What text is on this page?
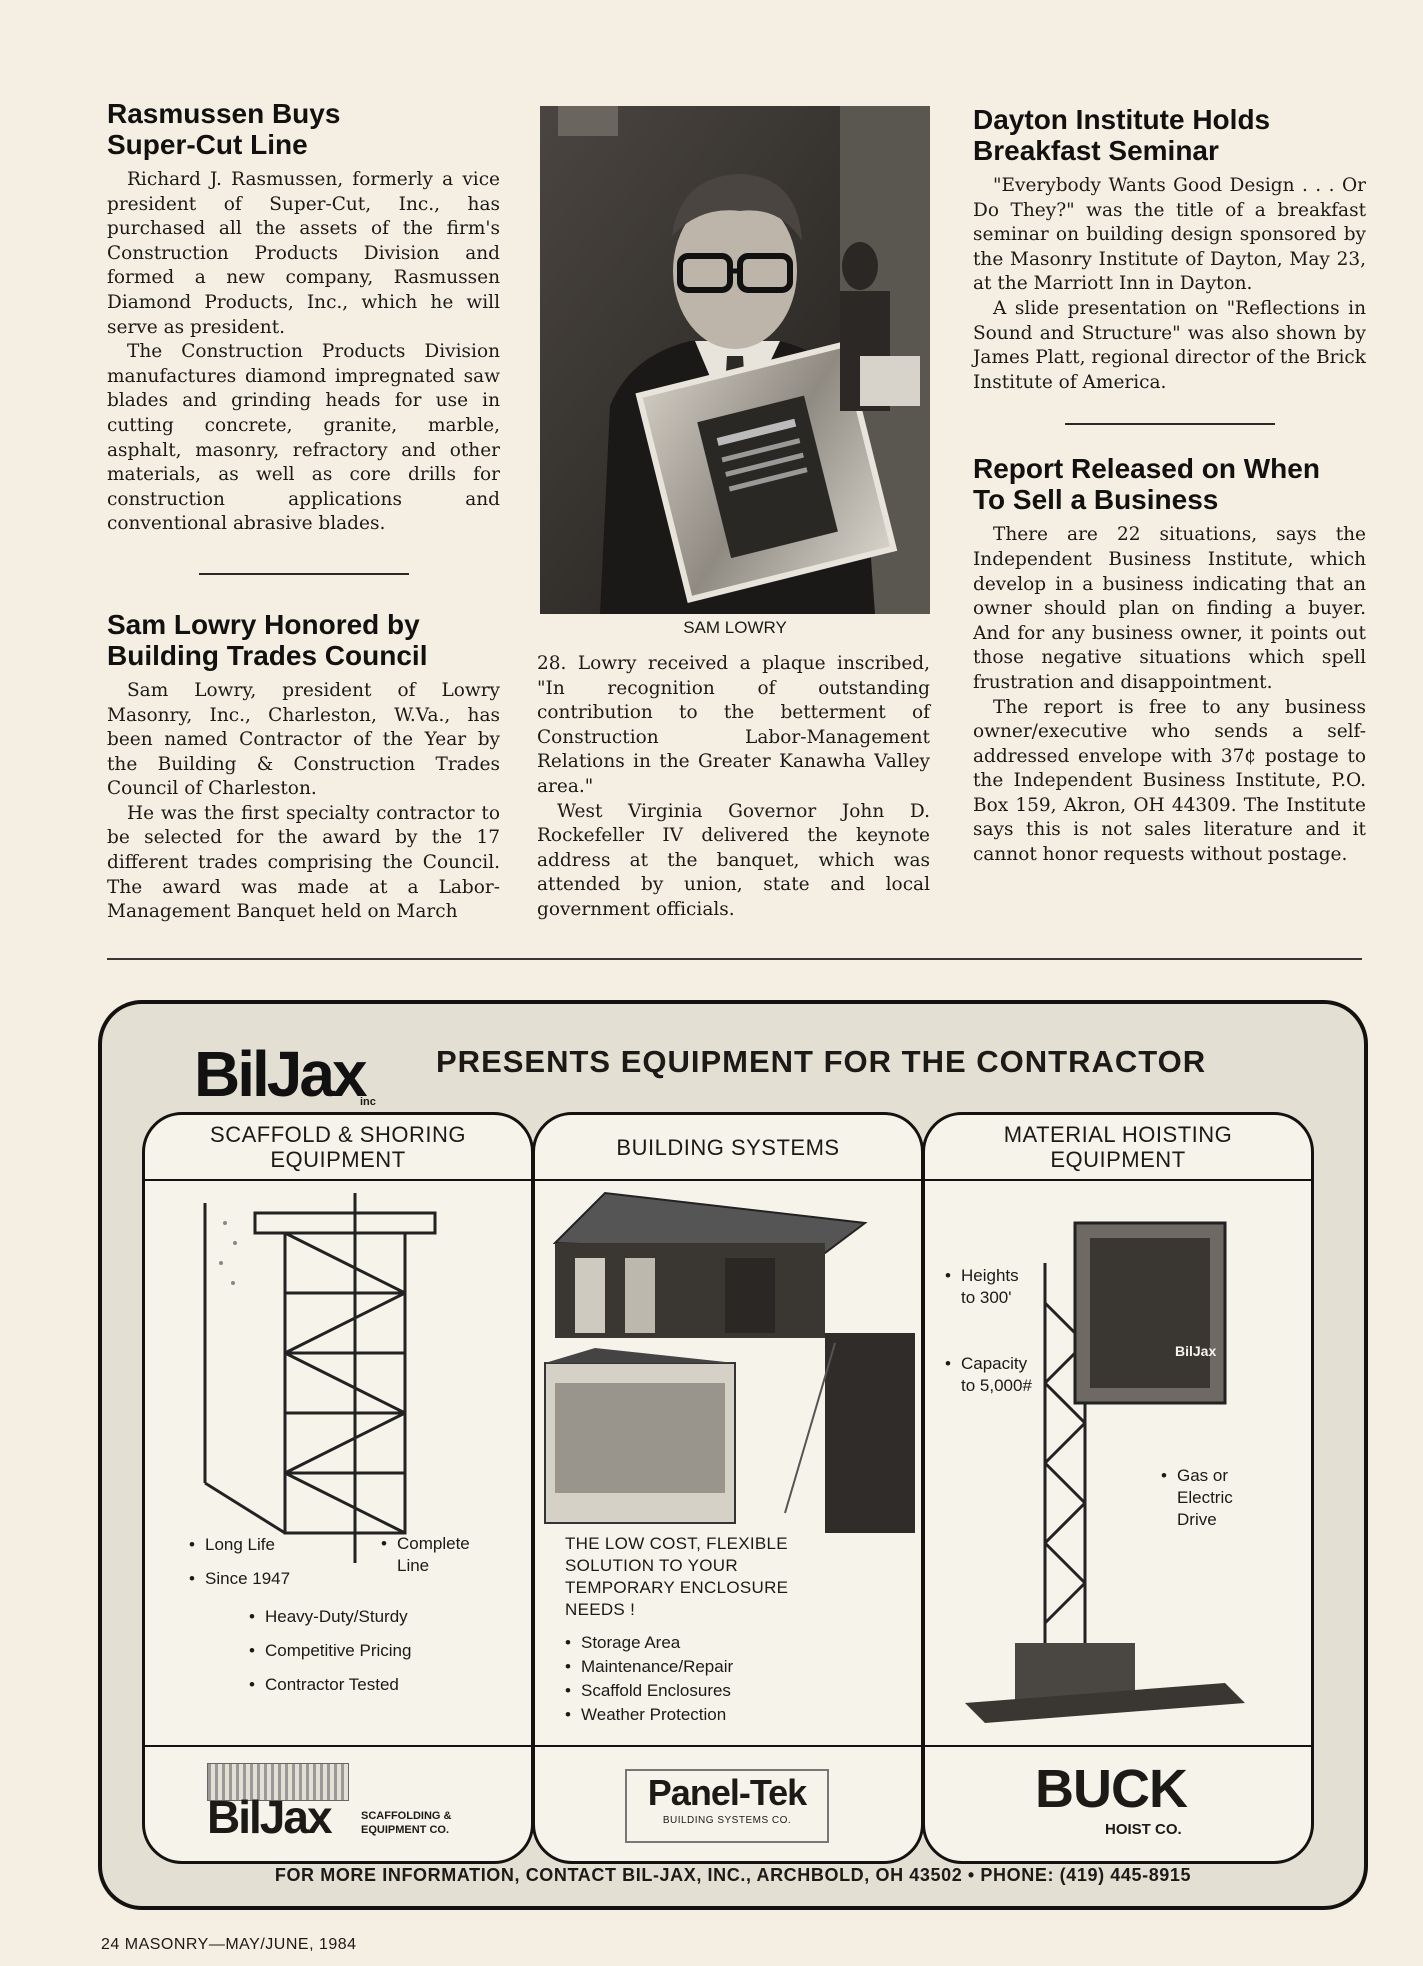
Rasmussen Buys Super-Cut Line

Richard J. Rasmussen, formerly a vice president of Super-Cut, Inc., has purchased all the assets of the firm's Construction Products Division and formed a new company, Rasmussen Diamond Products, Inc., which he will serve as president.

The Construction Products Division manufactures diamond impregnated saw blades and grinding heads for use in cutting concrete, granite, marble, asphalt, masonry, refractory and other materials, as well as core drills for construction applications and conventional abrasive blades.

Sam Lowry Honored by Building Trades Council

Sam Lowry, president of Lowry Masonry, Inc., Charleston, W.Va., has been named Contractor of the Year by the Building & Construction Trades Council of Charleston.

He was the first specialty contractor to be selected for the award by the 17 different trades comprising the Council. The award was made at a Labor-Management Banquet held on March

SAM LOWRY

28. Lowry received a plaque inscribed, "In recognition of outstanding contribution to the betterment of Construction Labor-Management Relations in the Greater Kanawha Valley area."

West Virginia Governor John D. Rockefeller IV delivered the keynote address at the banquet, which was attended by union, state and local government officials.

Dayton Institute Holds Breakfast Seminar

"Everybody Wants Good Design . . . Or Do They?" was the title of a breakfast seminar on building design sponsored by the Masonry Institute of Dayton, May 23, at the Marriott Inn in Dayton.

A slide presentation on "Reflections in Sound and Structure" was also shown by James Platt, regional director of the Brick Institute of America.

Report Released on When To Sell a Business

There are 22 situations, says the Independent Business Institute, which develop in a business indicating that an owner should plan on finding a buyer. And for any business owner, it points out those negative situations which spell frustration and disappointment.

The report is free to any business owner/executive who sends a self-addressed envelope with 37¢ postage to the Independent Business Institute, P.O. Box 159, Akron, OH 44309. The Institute says this is not sales literature and it cannot honor requests without postage.

BilJax
inc
PRESENTS EQUIPMENT FOR THE CONTRACTOR
SCAFFOLD & SHORING EQUIPMENT
• Long Life
• Since 1947
• Complete Line
• Heavy-Duty/Sturdy
• Competitive Pricing
• Contractor Tested
BilJax	SCAFFOLDING & EQUIPMENT CO.
BUILDING SYSTEMS
THE LOW COST, FLEXIBLE SOLUTION TO YOUR TEMPORARY ENCLOSURE NEEDS !
• Storage Area
• Maintenance/Repair
• Scaffold Enclosures
• Weather Protection
Panel-Tek
BUILDING SYSTEMS CO.
MATERIAL HOISTING EQUIPMENT
BilJax
• Heights to 300'
• Capacity to 5,000#
• Gas or Electric Drive
BUCK
HOIST CO.
FOR MORE INFORMATION, CONTACT BIL-JAX, INC., ARCHBOLD, OH 43502 • PHONE: (419) 445-8915
24 MASONRY—MAY/JUNE, 1984
